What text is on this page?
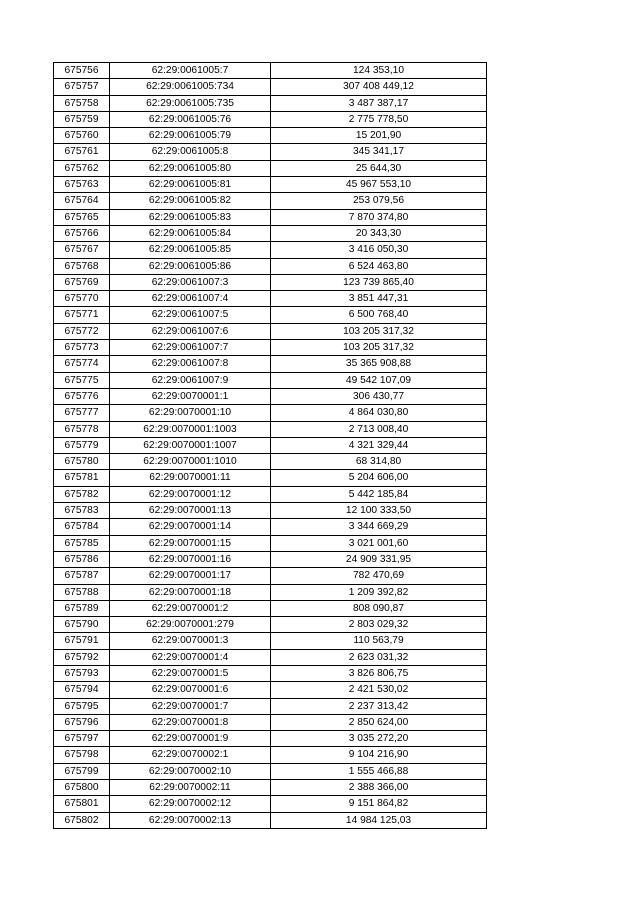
675756	62:29:0061005:7	124 353,10
675757	62:29:0061005:734	307 408 449,12
675758	62:29:0061005:735	3 487 387,17
675759	62:29:0061005:76	2 775 778,50
675760	62:29:0061005:79	15 201,90
675761	62:29:0061005:8	345 341,17
675762	62:29:0061005:80	25 644,30
675763	62:29:0061005:81	45 967 553,10
675764	62:29:0061005:82	253 079,56
675765	62:29:0061005:83	7 870 374,80
675766	62:29:0061005:84	20 343,30
675767	62:29:0061005:85	3 416 050,30
675768	62:29:0061005:86	6 524 463,80
675769	62:29:0061007:3	123 739 865,40
675770	62:29:0061007:4	3 851 447,31
675771	62:29:0061007:5	6 500 768,40
675772	62:29:0061007:6	103 205 317,32
675773	62:29:0061007:7	103 205 317,32
675774	62:29:0061007:8	35 365 908,88
675775	62:29:0061007:9	49 542 107,09
675776	62:29:0070001:1	306 430,77
675777	62:29:0070001:10	4 864 030,80
675778	62:29:0070001:1003	2 713 008,40
675779	62:29:0070001:1007	4 321 329,44
675780	62:29:0070001:1010	68 314,80
675781	62:29:0070001:11	5 204 606,00
675782	62:29:0070001:12	5 442 185,84
675783	62:29:0070001:13	12 100 333,50
675784	62:29:0070001:14	3 344 669,29
675785	62:29:0070001:15	3 021 001,60
675786	62:29:0070001:16	24 909 331,95
675787	62:29:0070001:17	782 470,69
675788	62:29:0070001:18	1 209 392,82
675789	62:29:0070001:2	808 090,87
675790	62:29:0070001:279	2 803 029,32
675791	62:29:0070001:3	110 563,79
675792	62:29:0070001:4	2 623 031,32
675793	62:29:0070001:5	3 826 806,75
675794	62:29:0070001:6	2 421 530,02
675795	62:29:0070001:7	2 237 313,42
675796	62:29:0070001:8	2 850 624,00
675797	62:29:0070001:9	3 035 272,20
675798	62:29:0070002:1	9 104 216,90
675799	62:29:0070002:10	1 555 466,88
675800	62:29:0070002:11	2 388 366,00
675801	62:29:0070002:12	9 151 864,82
675802	62:29:0070002:13	14 984 125,03
